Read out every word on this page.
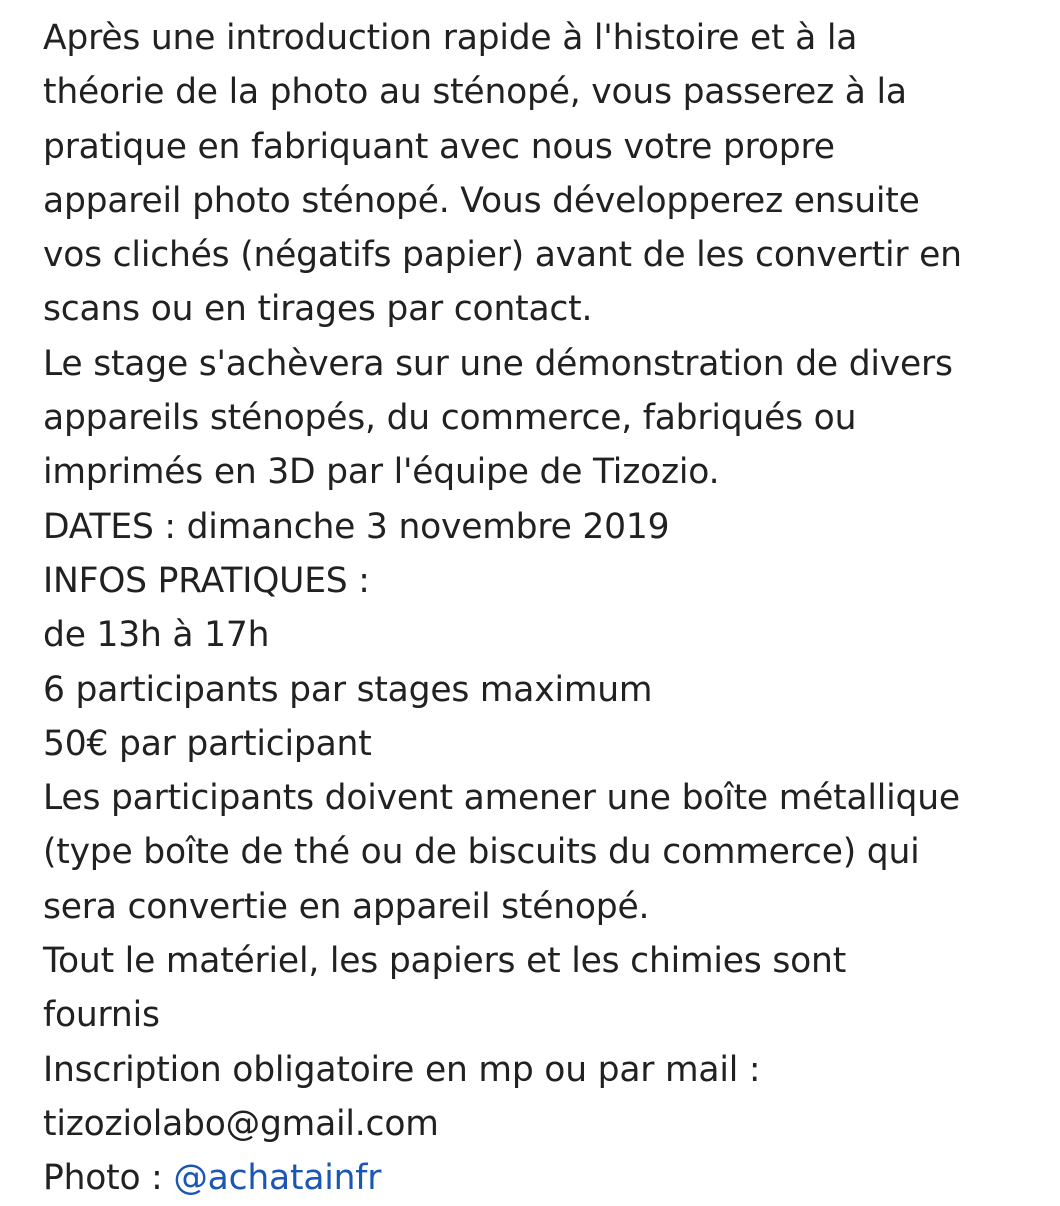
Après une introduction rapide à l'histoire et à la
théorie de la photo au sténopé, vous passerez à la
pratique en fabriquant avec nous votre propre
appareil photo sténopé. Vous développerez ensuite
vos clichés (négatifs papier) avant de les convertir en
scans ou en tirages par contact.
Le stage s'achèvera sur une démonstration de divers
appareils sténopés, du commerce, fabriqués ou
imprimés en 3D par l'équipe de Tizozio.
DATES : dimanche 3 novembre 2019
INFOS PRATIQUES :
de 13h à 17h
6 participants par stages maximum
50€ par participant
Les participants doivent amener une boîte métallique
(type boîte de thé ou de biscuits du commerce) qui
sera convertie en appareil sténopé.
Tout le matériel, les papiers et les chimies sont
fournis
Inscription obligatoire en mp ou par mail :
tizoziolabo@gmail.com
Photo : @achatainfr
